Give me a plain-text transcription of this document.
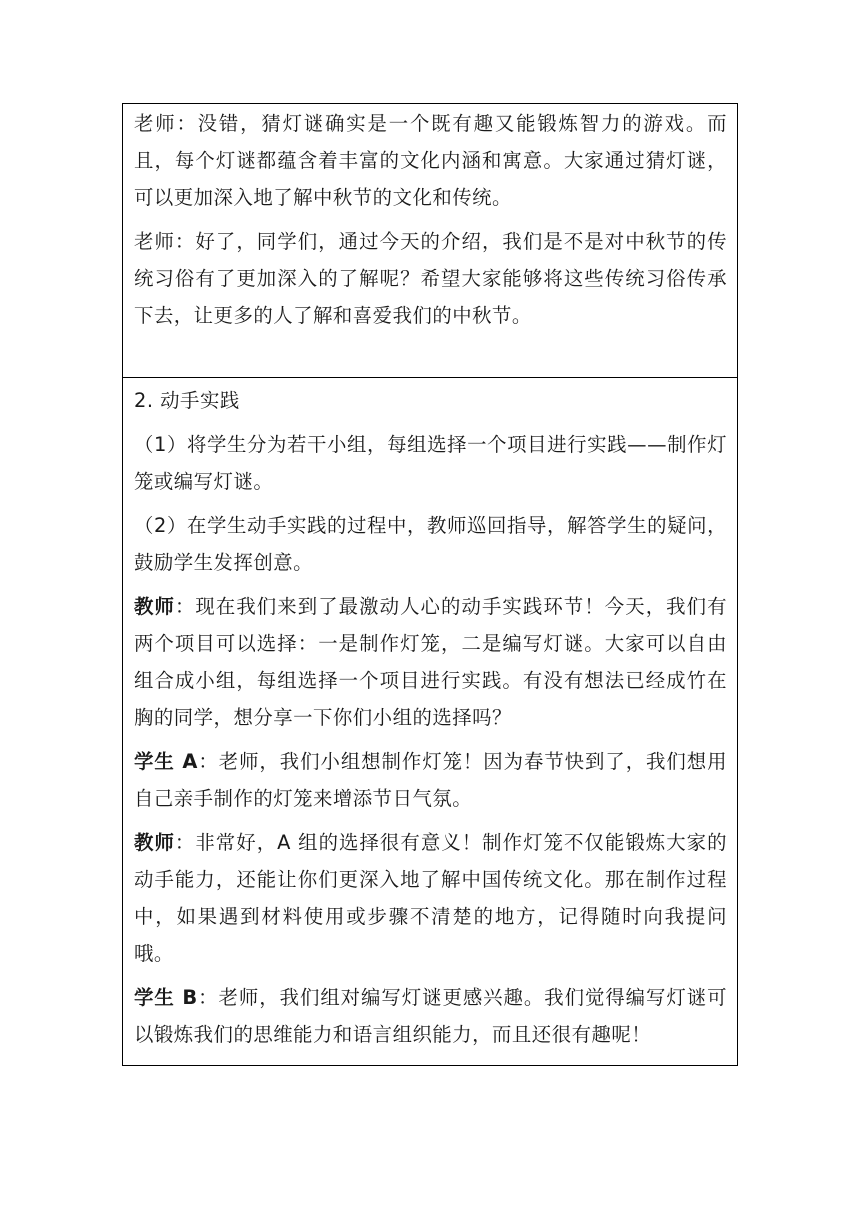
老师：没错，猜灯谜确实是一个既有趣又能锻炼智力的游戏。而且，每个灯谜都蕴含着丰富的文化内涵和寓意。大家通过猜灯谜，可以更加深入地了解中秋节的文化和传统。

老师：好了，同学们，通过今天的介绍，我们是不是对中秋节的传统习俗有了更加深入的了解呢？希望大家能够将这些传统习俗传承下去，让更多的人了解和喜爱我们的中秋节。

2. 动手实践

（1）将学生分为若干小组，每组选择一个项目进行实践——制作灯笼或编写灯谜。

（2）在学生动手实践的过程中，教师巡回指导，解答学生的疑问，鼓励学生发挥创意。

教师：现在我们来到了最激动人心的动手实践环节！今天，我们有两个项目可以选择：一是制作灯笼，二是编写灯谜。大家可以自由组合成小组，每组选择一个项目进行实践。有没有想法已经成竹在胸的同学，想分享一下你们小组的选择吗？

学生 A：老师，我们小组想制作灯笼！因为春节快到了，我们想用自己亲手制作的灯笼来增添节日气氛。

教师：非常好，A 组的选择很有意义！制作灯笼不仅能锻炼大家的动手能力，还能让你们更深入地了解中国传统文化。那在制作过程中，如果遇到材料使用或步骤不清楚的地方，记得随时向我提问哦。

学生 B：老师，我们组对编写灯谜更感兴趣。我们觉得编写灯谜可以锻炼我们的思维能力和语言组织能力，而且还很有趣呢！
